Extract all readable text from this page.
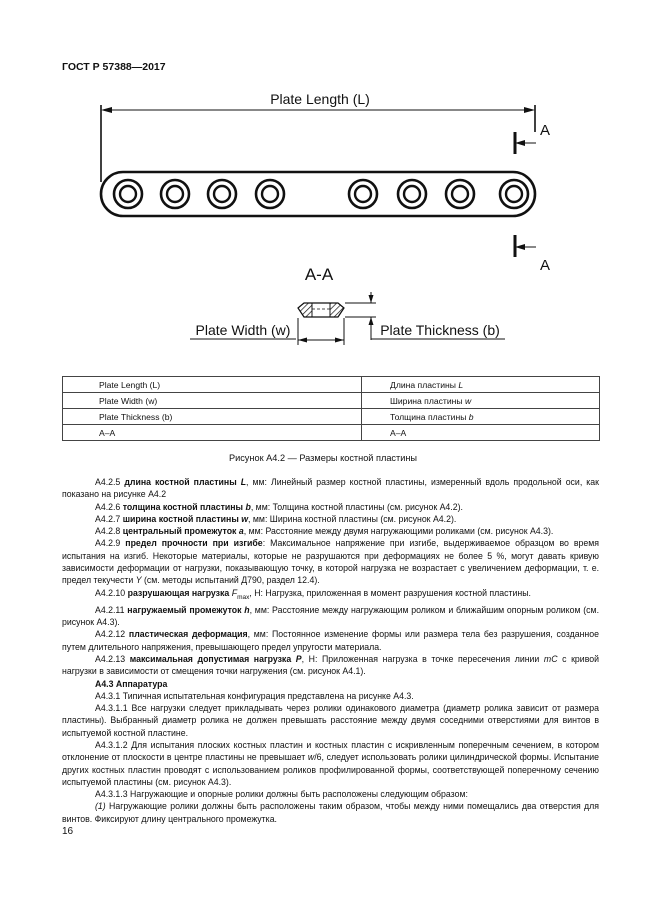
ГОСТ Р 57388—2017
Plate Length (L)
A
A
A-A
Plate Width (w)	Plate Thickness (b)
Plate Length (L)	Длина пластины L
Plate Width (w)	Ширина пластины w
Plate Thickness (b)	Толщина пластины b
A–A	A–A
Рисунок А4.2 — Размеры костной пластины

А4.2.5 длина костной пластины L, мм: Линейный размер костной пластины, измеренный вдоль продольной оси, как показано на рисунке А4.2

А4.2.6 толщина костной пластины b, мм: Толщина костной пластины (см. рисунок А4.2).

А4.2.7 ширина костной пластины w, мм: Ширина костной пластины (см. рисунок А4.2).

А4.2.8 центральный промежуток a, мм: Расстояние между двумя нагружающими роликами (см. рисунок А4.3).

А4.2.9 предел прочности при изгибе: Максимальное напряжение при изгибе, выдерживаемое образцом во время испытания на изгиб. Некоторые материалы, которые не разрушаются при деформациях не более 5 %, могут давать кривую зависимости деформации от нагрузки, показывающую точку, в которой нагрузка не возрастает с увеличением деформации, т. е. предел текучести Y (см. методы испытаний Д790, раздел 12.4).

А4.2.10 разрушающая нагрузка $F_{max}$, Н: Нагрузка, приложенная в момент разрушения костной пластины.

А4.2.11 нагружаемый промежуток h, мм: Расстояние между нагружающим роликом и ближайшим опорным роликом (см. рисунок А4.3).

А4.2.12 пластическая деформация, мм: Постоянное изменение формы или размера тела без разрушения, созданное путем длительного напряжения, превышающего предел упругости материала.

А4.2.13 максимальная допустимая нагрузка P, Н: Приложенная нагрузка в точке пересечения линии mC с кривой нагрузки в зависимости от смещения точки нагружения (см. рисунок А4.1).

А4.3 Аппаратура

А4.3.1 Типичная испытательная конфигурация представлена на рисунке А4.3.

А4.3.1.1 Все нагрузки следует прикладывать через ролики одинакового диаметра (диаметр ролика зависит от размера пластины). Выбранный диаметр ролика не должен превышать расстояние между двумя соседними отверстиями для винтов в испытуемой костной пластине.

А4.3.1.2 Для испытания плоских костных пластин и костных пластин с искривленным поперечным сечением, в котором отклонение от плоскости в центре пластины не превышает w/6, следует использовать ролики цилиндрической формы. Испытание других костных пластин проводят с использованием роликов профилированной формы, соответствующей поперечному сечению испытуемой пластины (см. рисунок А4.3).

А4.3.1.3 Нагружающие и опорные ролики должны быть расположены следующим образом:

(1) Нагружающие ролики должны быть расположены таким образом, чтобы между ними помещались два отверстия для винтов. Фиксируют длину центрального промежутка.

16
